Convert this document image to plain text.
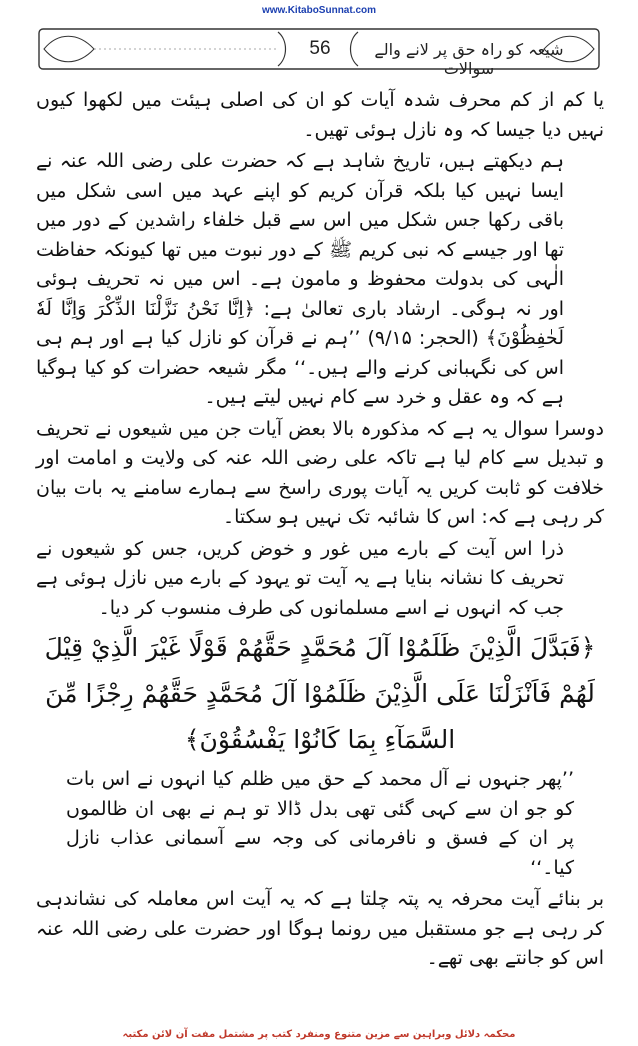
www.KitaboSunnat.com
56	شیعہ کو راہ حق پر لانے والے سوالات

یا کم از کم محرف شدہ آیات کو ان کی اصلی ہیئت میں لکھوا کیوں نہیں دیا جیسا کہ وہ نازل ہوئی تھیں۔

ہم دیکھتے ہیں، تاریخ شاہد ہے کہ حضرت علی رضی اللہ عنہ نے ایسا نہیں کیا بلکہ قرآن کریم کو اپنے عہد میں اسی شکل میں باقی رکھا جس شکل میں اس سے قبل خلفاء راشدین کے دور میں تھا اور جیسے کہ نبی کریم ﷺ کے دور نبوت میں تھا کیونکہ حفاظت الٰہی کی بدولت محفوظ و مامون ہے۔ اس میں نہ تحریف ہوئی اور نہ ہوگی۔ ارشاد باری تعالیٰ ہے: ﴿اِنَّا نَحْنُ نَزَّلْنَا الذِّكْرَ وَاِنَّا لَهٗ لَحٰفِظُوْنَ﴾ (الحجر: ۹/۱۵) ’’ہم نے قرآن کو نازل کیا ہے اور ہم ہی اس کی نگہبانی کرنے والے ہیں۔‘‘ مگر شیعہ حضرات کو کیا ہوگیا ہے کہ وہ عقل و خرد سے کام نہیں لیتے ہیں۔

دوسرا سوال یہ ہے کہ مذکورہ بالا بعض آیات جن میں شیعوں نے تحریف و تبدیل سے کام لیا ہے تاکہ علی رضی اللہ عنہ کی ولایت و امامت اور خلافت کو ثابت کریں یہ آیات پوری راسخ سے ہمارے سامنے یہ بات بیان کر رہی ہے کہ: اس کا شائبہ تک نہیں ہو سکتا۔

ذرا اس آیت کے بارے میں غور و خوض کریں، جس کو شیعوں نے تحریف کا نشانہ بنایا ہے یہ آیت تو یہود کے بارے میں نازل ہوئی ہے جب کہ انہوں نے اسے مسلمانوں کی طرف منسوب کر دیا۔

﴿فَبَدَّلَ الَّذِيْنَ ظَلَمُوْا آلَ مُحَمَّدٍ حَقَّهُمْ قَوْلًا غَيْرَ الَّذِيْ قِيْلَ لَهُمْ فَاَنْزَلْنَا عَلَى الَّذِيْنَ ظَلَمُوْا آلَ مُحَمَّدٍ حَقَّهُمْ رِجْزًا مِّنَ السَّمَآءِ بِمَا كَانُوْا يَفْسُقُوْنَ﴾

’’پھر جنہوں نے آل محمد کے حق میں ظلم کیا انہوں نے اس بات کو جو ان سے کہی گئی تھی بدل ڈالا تو ہم نے بھی ان ظالموں پر ان کے فسق و نافرمانی کی وجہ سے آسمانی عذاب نازل کیا۔‘‘

بر بنائے آیت محرفہ یہ پتہ چلتا ہے کہ یہ آیت اس معاملہ کی نشاندہی کر رہی ہے جو مستقبل میں رونما ہوگا اور حضرت علی رضی اللہ عنہ اس کو جانتے بھی تھے۔

محکمہ دلائل وبراہین سے مزین متنوع ومنفرد کتب پر مشتمل مفت آن لائن مکتبہ
